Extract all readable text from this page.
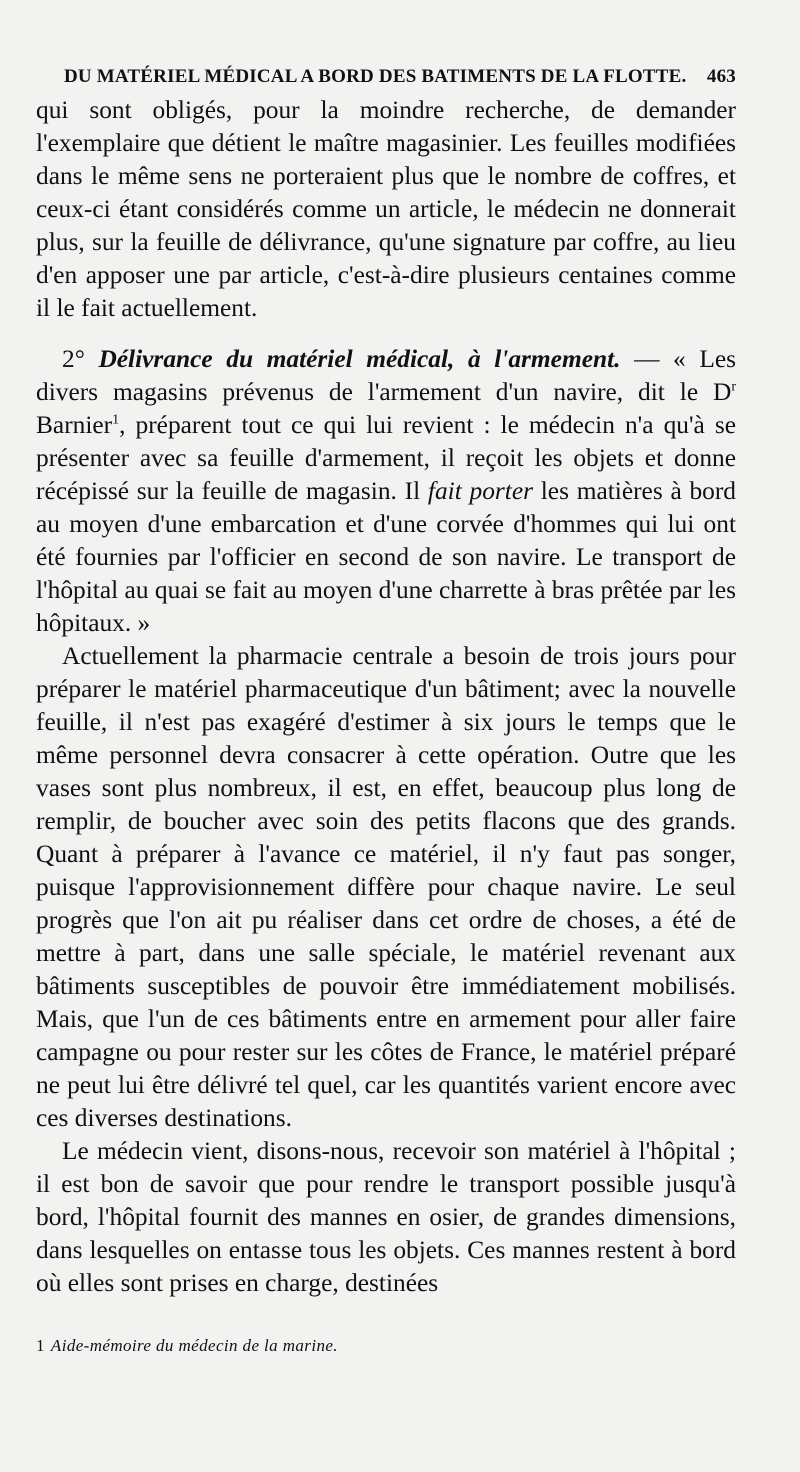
DU MATÉRIEL MÉDICAL A BORD DES BATIMENTS DE LA FLOTTE. 463

qui sont obligés, pour la moindre recherche, de demander l'exemplaire que détient le maître magasinier. Les feuilles modifiées dans le même sens ne porteraient plus que le nombre de coffres, et ceux-ci étant considérés comme un article, le médecin ne donnerait plus, sur la feuille de délivrance, qu'une signature par coffre, au lieu d'en apposer une par article, c'est-à-dire plusieurs centaines comme il le fait actuellement.

2° Délivrance du matériel médical, à l'armement. — « Les divers magasins prévenus de l'armement d'un navire, dit le $D^r$ Barnier$^1$, préparent tout ce qui lui revient : le médecin n'a qu'à se présenter avec sa feuille d'armement, il reçoit les objets et donne récépissé sur la feuille de magasin. Il fait porter les matières à bord au moyen d'une embarcation et d'une corvée d'hommes qui lui ont été fournies par l'officier en second de son navire. Le transport de l'hôpital au quai se fait au moyen d'une charrette à bras prêtée par les hôpitaux. »

Actuellement la pharmacie centrale a besoin de trois jours pour préparer le matériel pharmaceutique d'un bâtiment; avec la nouvelle feuille, il n'est pas exagéré d'estimer à six jours le temps que le même personnel devra consacrer à cette opération. Outre que les vases sont plus nombreux, il est, en effet, beaucoup plus long de remplir, de boucher avec soin des petits flacons que des grands. Quant à préparer à l'avance ce matériel, il n'y faut pas songer, puisque l'approvisionnement diffère pour chaque navire. Le seul progrès que l'on ait pu réaliser dans cet ordre de choses, a été de mettre à part, dans une salle spéciale, le matériel revenant aux bâtiments susceptibles de pouvoir être immédiatement mobilisés. Mais, que l'un de ces bâtiments entre en armement pour aller faire campagne ou pour rester sur les côtes de France, le matériel préparé ne peut lui être délivré tel quel, car les quantités varient encore avec ces diverses destinations.

Le médecin vient, disons-nous, recevoir son matériel à l'hôpital ; il est bon de savoir que pour rendre le transport possible jusqu'à bord, l'hôpital fournit des mannes en osier, de grandes dimensions, dans lesquelles on entasse tous les objets. Ces mannes restent à bord où elles sont prises en charge, destinées

1 Aide-mémoire du médecin de la marine.
